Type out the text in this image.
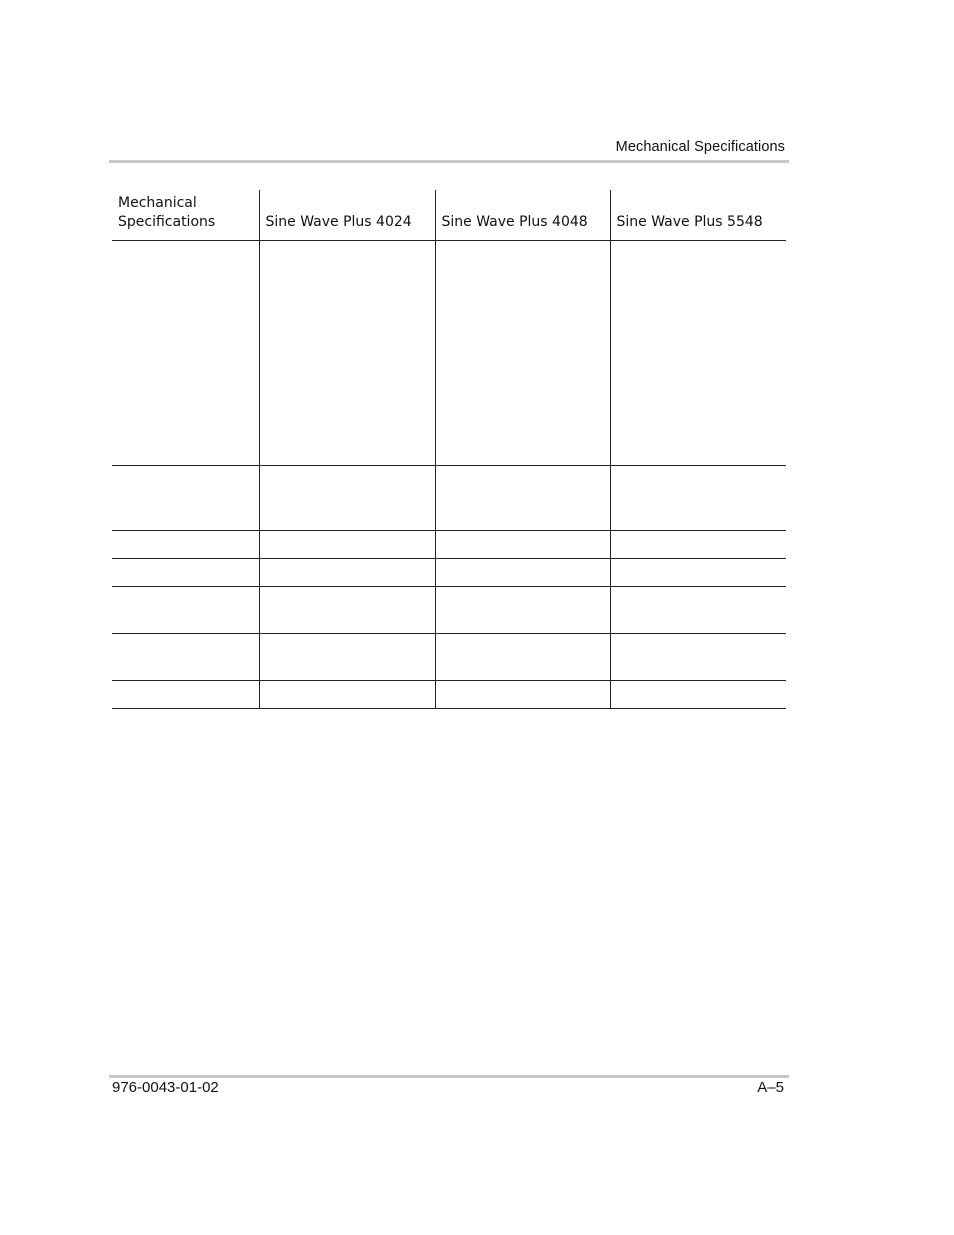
Mechanical Specifications
Mechanical
Specifications	Sine Wave Plus 4024	Sine Wave Plus 4048	Sine Wave Plus 5548

976-0043-01-02	A–5
